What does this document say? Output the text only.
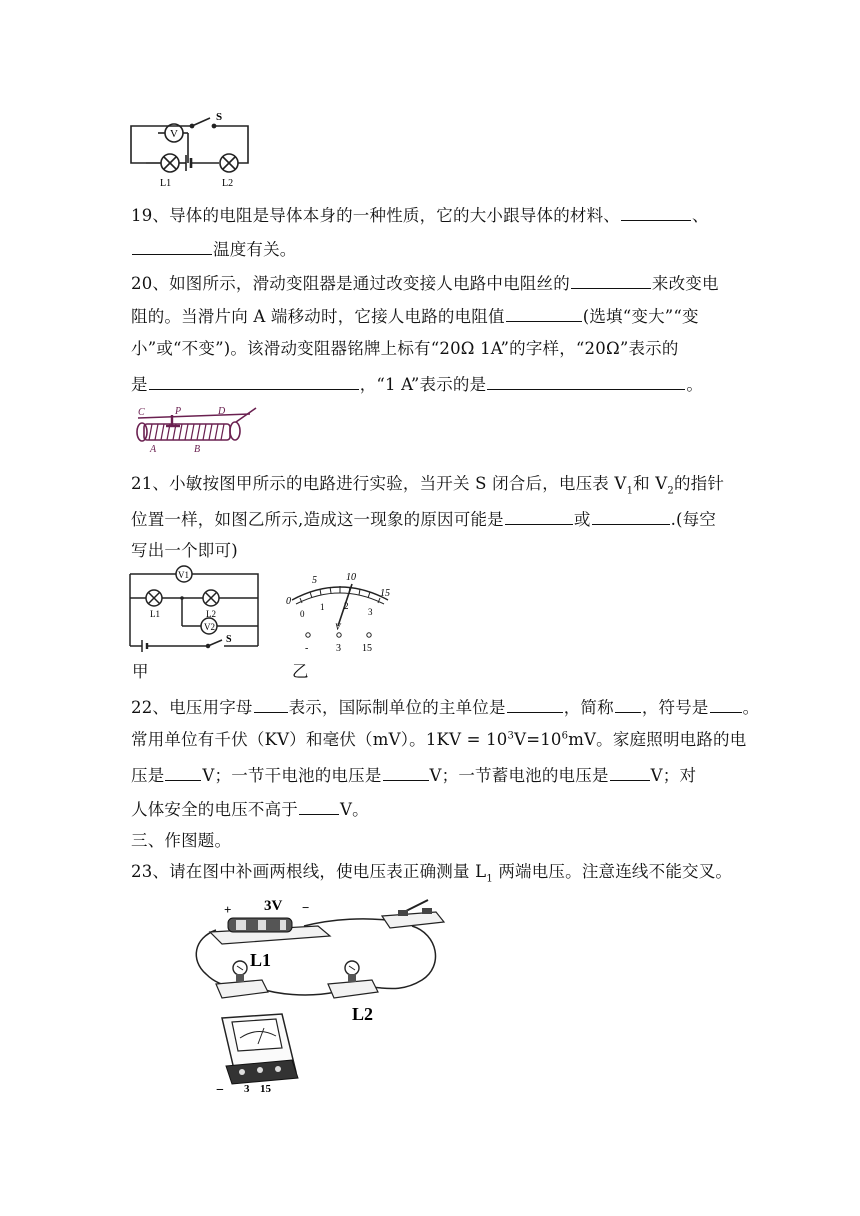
V
S
L1	L2
19、导体的电阻是导体本身的一种性质，它的大小跟导体的材料、	、
温度有关。
20、如图所示，滑动变阻器是通过改变接人电路中电阻丝的	来改变电
阻的。当滑片向 A 端移动时，它接人电路的电阻值	(选填“变大”“变
小”或“不变”)。该滑动变阻器铭牌上标有“20Ω 1A”的字样，“20Ω”表示的
是	，“1 A”表示的是	。
C	P	D
A	B
21、小敏按图甲所示的电路进行实验，当开关 S 闭合后，电压表 $V_1$和 $V_2$的指针
位置一样，如图乙所示,造成这一现象的原因可能是	或	.(每空
写出一个即可)
V1
V2
L1	L2
S
甲
0
5	10
15
0
1 2
3
V
-	3 15
乙
22、电压用字母 表示，国际制单位的主单位是	，简称 ，符号是 。
常用单位有千伏（KV）和毫伏（mV）。$1KV = 10^3V=10^6mV$。家庭照明电路的电
压是 V；一节干电池的电压是	V；一节蓄电池的电压是	V；对
人体安全的电压不高于	V。
三、作图题。
23、请在图中补画两根线，使电压表正确测量 $L_1$ 两端电压。注意连线不能交叉。
3V
+	−
L1
L2
− 3 15
